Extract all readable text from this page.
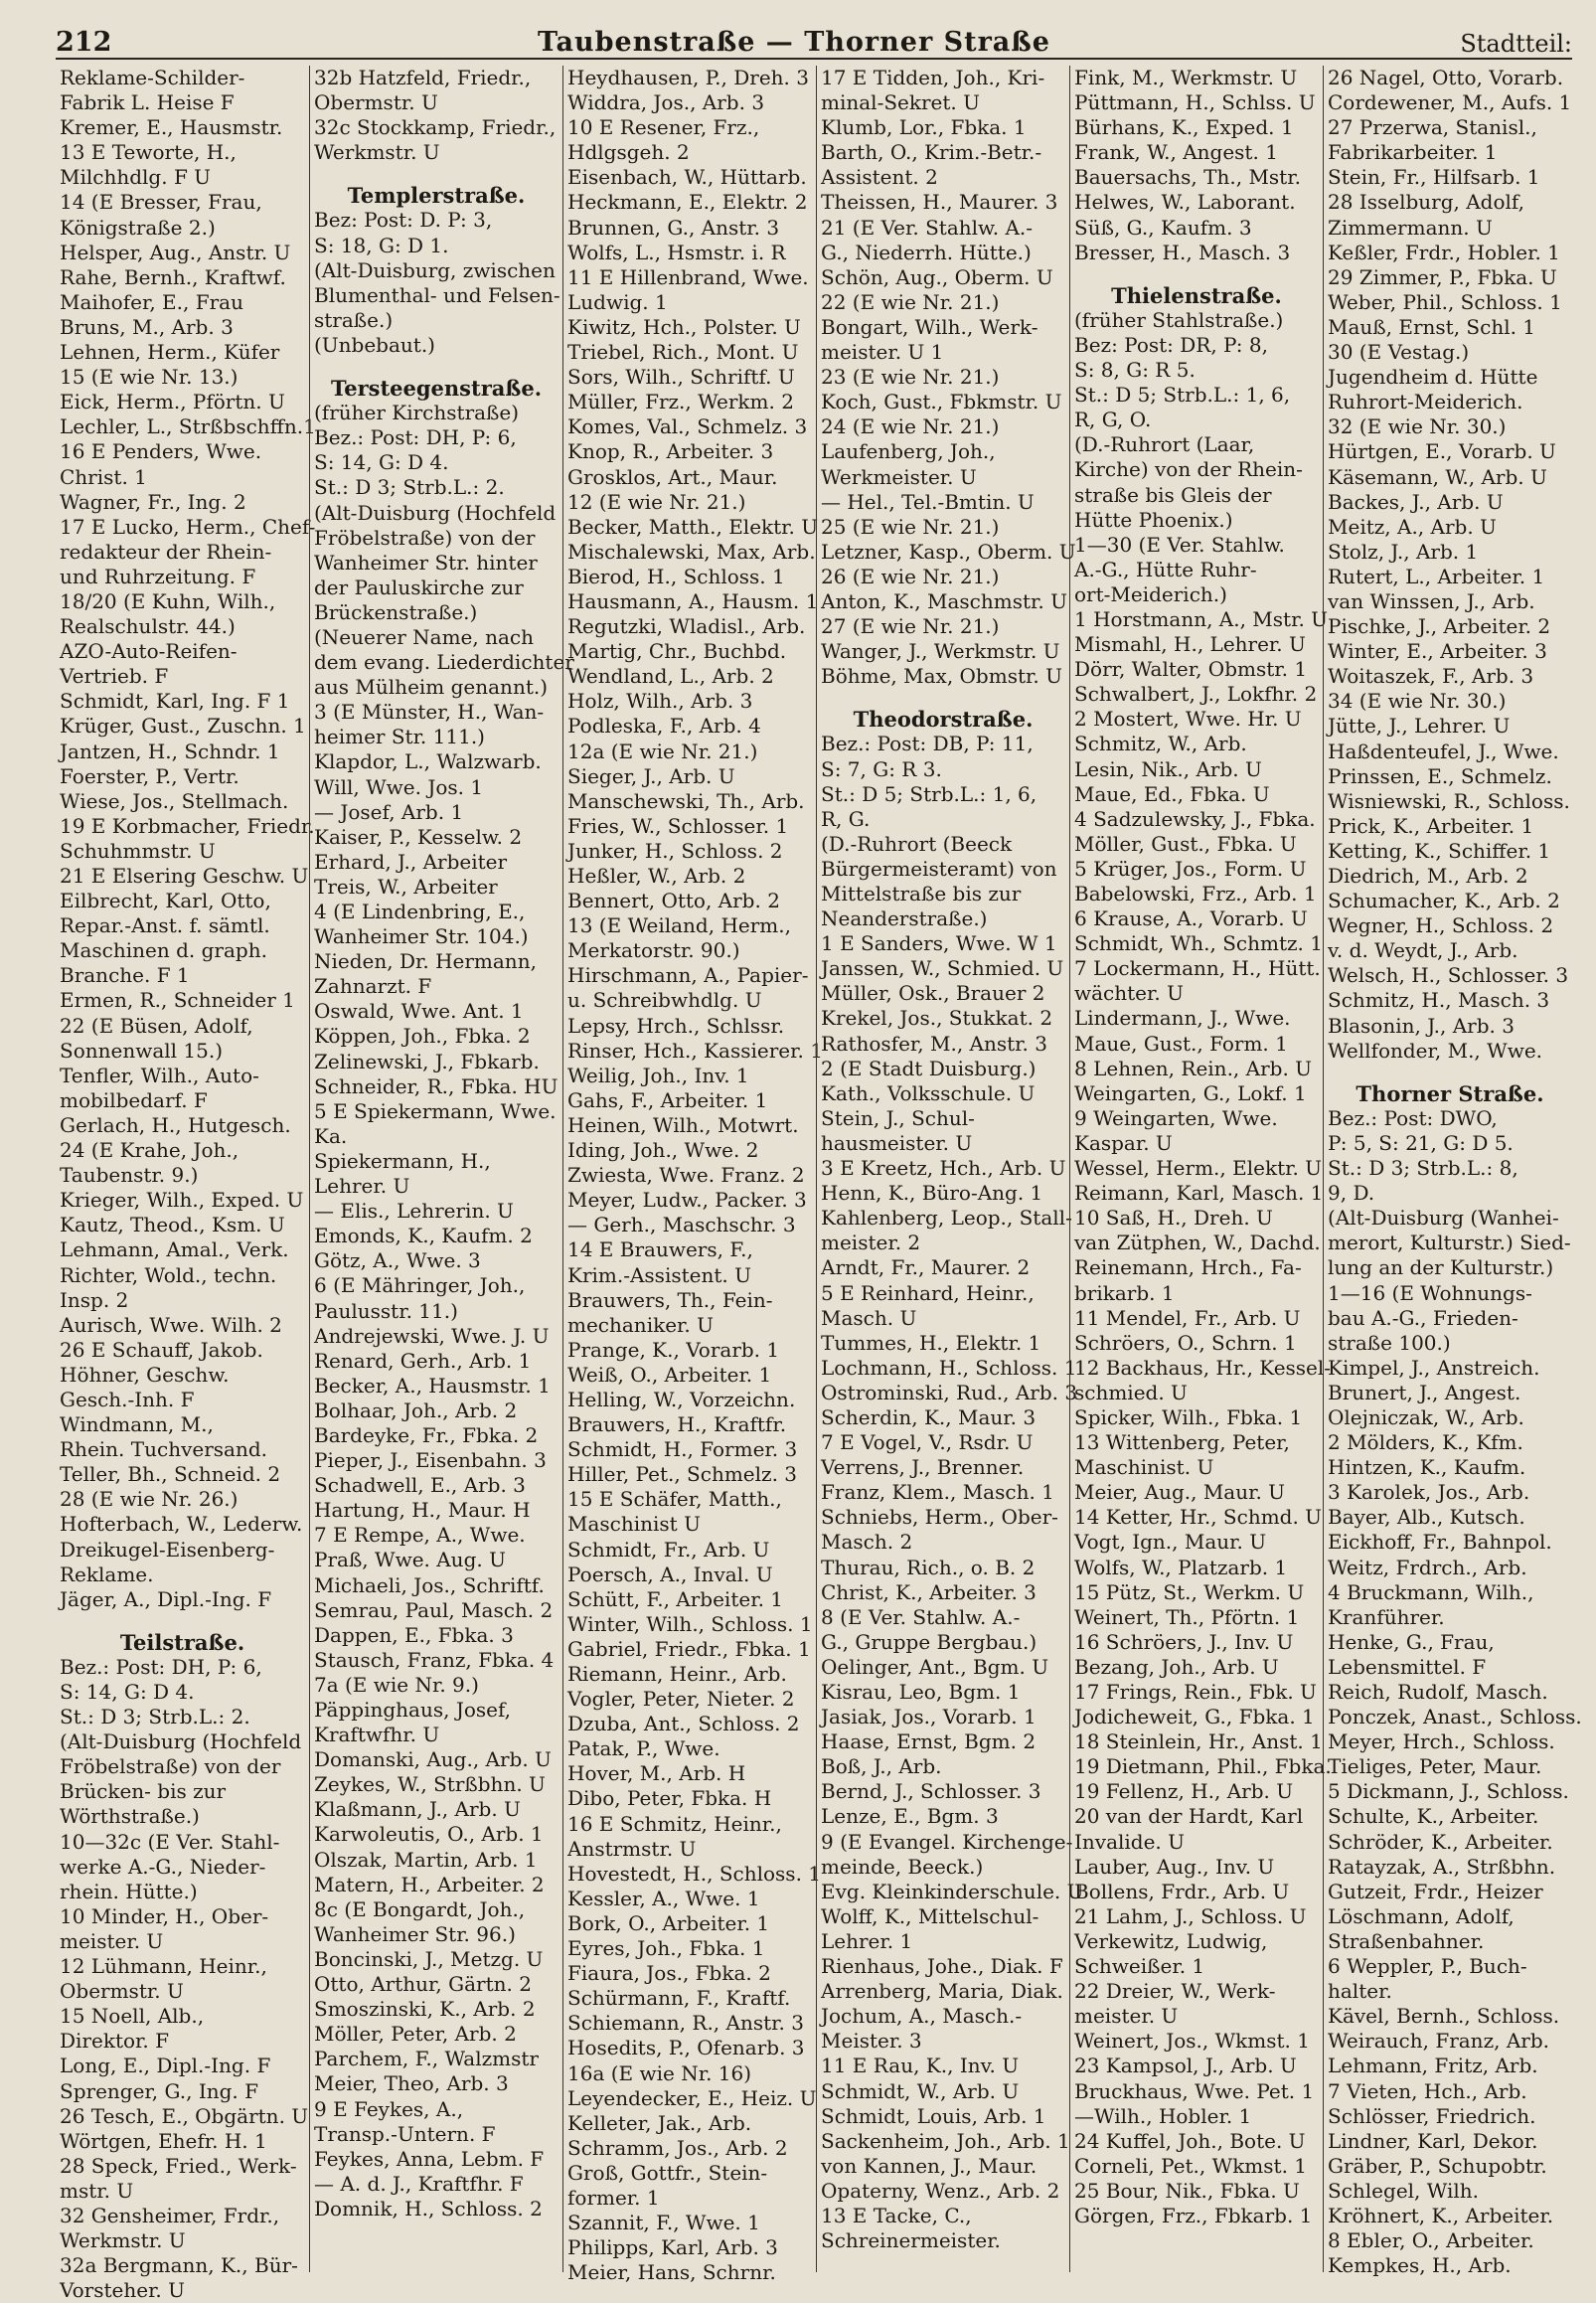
212	Taubenstraße — Thorner Straße	Stadtteil:
Reklame-Schilder-
Fabrik L. Heise F
Kremer, E., Hausmstr.
13 E Teworte, H.,
Milchhdlg. F U
14 (E Bresser, Frau,
Königstraße 2.)
Helsper, Aug., Anstr. U
Rahe, Bernh., Kraftwf.
Maihofer, E., Frau
Bruns, M., Arb. 3
Lehnen, Herm., Küfer
15 (E wie Nr. 13.)
Eick, Herm., Pförtn. U
Lechler, L., Strßbschffn.1
16 E Penders, Wwe.
Christ. 1
Wagner, Fr., Ing. 2
17 E Lucko, Herm., Chef-
redakteur der Rhein-
und Ruhrzeitung. F
18/20 (E Kuhn, Wilh.,
Realschulstr. 44.)
AZO-Auto-Reifen-
Vertrieb. F
Schmidt, Karl, Ing. F 1
Krüger, Gust., Zuschn. 1
Jantzen, H., Schndr. 1
Foerster, P., Vertr.
Wiese, Jos., Stellmach.
19 E Korbmacher, Friedr.
Schuhmmstr. U
21 E Elsering Geschw. U
Eilbrecht, Karl, Otto,
Repar.-Anst. f. sämtl.
Maschinen d. graph.
Branche. F 1
Ermen, R., Schneider 1
22 (E Büsen, Adolf,
Sonnenwall 15.)
Tenfler, Wilh., Auto-
mobilbedarf. F
Gerlach, H., Hutgesch.
24 (E Krahe, Joh.,
Taubenstr. 9.)
Krieger, Wilh., Exped. U
Kautz, Theod., Ksm. U
Lehmann, Amal., Verk.
Richter, Wold., techn.
Insp. 2
Aurisch, Wwe. Wilh. 2
26 E Schauff, Jakob.
Höhner, Geschw.
Gesch.-Inh. F
Windmann, M.,
Rhein. Tuchversand.
Teller, Bh., Schneid. 2
28 (E wie Nr. 26.)
Hofterbach, W., Lederw.
Dreikugel-Eisenberg-
Reklame.
Jäger, A., Dipl.-Ing. F
Teilstraße.
Bez.: Post: DH, P: 6,
S: 14, G: D 4.
St.: D 3; Strb.L.: 2.
(Alt-Duisburg (Hochfeld
Fröbelstraße) von der
Brücken- bis zur
Wörthstraße.)
10—32c (E Ver. Stahl-
werke A.-G., Nieder-
rhein. Hütte.)
10 Minder, H., Ober-
meister. U
12 Lühmann, Heinr.,
Obermstr. U
15 Noell, Alb.,
Direktor. F
Long, E., Dipl.-Ing. F
Sprenger, G., Ing. F
26 Tesch, E., Obgärtn. U
Wörtgen, Ehefr. H. 1
28 Speck, Fried., Werk-
mstr. U
32 Gensheimer, Frdr.,
Werkmstr. U
32a Bergmann, K., Bür-
Vorsteher. U
32b Hatzfeld, Friedr.,
Obermstr. U
32c Stockkamp, Friedr.,
Werkmstr. U
Templerstraße.
Bez: Post: D. P: 3,
S: 18, G: D 1.
(Alt-Duisburg, zwischen
Blumenthal- und Felsen-
straße.)
(Unbebaut.)
Tersteegenstraße.
(früher Kirchstraße)
Bez.: Post: DH, P: 6,
S: 14, G: D 4.
St.: D 3; Strb.L.: 2.
(Alt-Duisburg (Hochfeld
Fröbelstraße) von der
Wanheimer Str. hinter
der Pauluskirche zur
Brückenstraße.)
(Neuerer Name, nach
dem evang. Liederdichter
aus Mülheim genannt.)
3 (E Münster, H., Wan-
heimer Str. 111.)
Klapdor, L., Walzwarb.
Will, Wwe. Jos. 1
— Josef, Arb. 1
Kaiser, P., Kesselw. 2
Erhard, J., Arbeiter
Treis, W., Arbeiter
4 (E Lindenbring, E.,
Wanheimer Str. 104.)
Nieden, Dr. Hermann,
Zahnarzt. F
Oswald, Wwe. Ant. 1
Köppen, Joh., Fbka. 2
Zelinewski, J., Fbkarb.
Schneider, R., Fbka. HU
5 E Spiekermann, Wwe.
Ka.
Spiekermann, H.,
Lehrer. U
— Elis., Lehrerin. U
Emonds, K., Kaufm. 2
Götz, A., Wwe. 3
6 (E Mähringer, Joh.,
Paulusstr. 11.)
Andrejewski, Wwe. J. U
Renard, Gerh., Arb. 1
Becker, A., Hausmstr. 1
Bolhaar, Joh., Arb. 2
Bardeyke, Fr., Fbka. 2
Pieper, J., Eisenbahn. 3
Schadwell, E., Arb. 3
Hartung, H., Maur. H
7 E Rempe, A., Wwe.
Praß, Wwe. Aug. U
Michaeli, Jos., Schriftf.
Semrau, Paul, Masch. 2
Dappen, E., Fbka. 3
Stausch, Franz, Fbka. 4
7a (E wie Nr. 9.)
Päppinghaus, Josef,
Kraftwfhr. U
Domanski, Aug., Arb. U
Zeykes, W., Strßbhn. U
Klaßmann, J., Arb. U
Karwoleutis, O., Arb. 1
Olszak, Martin, Arb. 1
Matern, H., Arbeiter. 2
8c (E Bongardt, Joh.,
Wanheimer Str. 96.)
Boncinski, J., Metzg. U
Otto, Arthur, Gärtn. 2
Smoszinski, K., Arb. 2
Möller, Peter, Arb. 2
Parchem, F., Walzmstr
Meier, Theo, Arb. 3
9 E Feykes, A.,
Transp.-Untern. F
Feykes, Anna, Lebm. F
— A. d. J., Kraftfhr. F
Domnik, H., Schloss. 2
Heydhausen, P., Dreh. 3
Widdra, Jos., Arb. 3
10 E Resener, Frz.,
Hdlgsgeh. 2
Eisenbach, W., Hüttarb.
Heckmann, E., Elektr. 2
Brunnen, G., Anstr. 3
Wolfs, L., Hsmstr. i. R
11 E Hillenbrand, Wwe.
Ludwig. 1
Kiwitz, Hch., Polster. U
Triebel, Rich., Mont. U
Sors, Wilh., Schriftf. U
Müller, Frz., Werkm. 2
Komes, Val., Schmelz. 3
Knop, R., Arbeiter. 3
Grosklos, Art., Maur.
12 (E wie Nr. 21.)
Becker, Matth., Elektr. U
Mischalewski, Max, Arb.
Bierod, H., Schloss. 1
Hausmann, A., Hausm. 1
Regutzki, Wladisl., Arb.
Martig, Chr., Buchbd.
Wendland, L., Arb. 2
Holz, Wilh., Arb. 3
Podleska, F., Arb. 4
12a (E wie Nr. 21.)
Sieger, J., Arb. U
Manschewski, Th., Arb.
Fries, W., Schlosser. 1
Junker, H., Schloss. 2
Heßler, W., Arb. 2
Bennert, Otto, Arb. 2
13 (E Weiland, Herm.,
Merkatorstr. 90.)
Hirschmann, A., Papier-
u. Schreibwhdlg. U
Lepsy, Hrch., Schlssr.
Rinser, Hch., Kassierer. 1
Weilig, Joh., Inv. 1
Gahs, F., Arbeiter. 1
Heinen, Wilh., Motwrt.
Iding, Joh., Wwe. 2
Zwiesta, Wwe. Franz. 2
Meyer, Ludw., Packer. 3
— Gerh., Maschschr. 3
14 E Brauwers, F.,
Krim.-Assistent. U
Brauwers, Th., Fein-
mechaniker. U
Prange, K., Vorarb. 1
Weiß, O., Arbeiter. 1
Helling, W., Vorzeichn.
Brauwers, H., Kraftfr.
Schmidt, H., Former. 3
Hiller, Pet., Schmelz. 3
15 E Schäfer, Matth.,
Maschinist U
Schmidt, Fr., Arb. U
Poersch, A., Inval. U
Schütt, F., Arbeiter. 1
Winter, Wilh., Schloss. 1
Gabriel, Friedr., Fbka. 1
Riemann, Heinr., Arb.
Vogler, Peter, Nieter. 2
Dzuba, Ant., Schloss. 2
Patak, P., Wwe.
Hover, M., Arb. H
Dibo, Peter, Fbka. H
16 E Schmitz, Heinr.,
Anstrmstr. U
Hovestedt, H., Schloss. 1
Kessler, A., Wwe. 1
Bork, O., Arbeiter. 1
Eyres, Joh., Fbka. 1
Fiaura, Jos., Fbka. 2
Schürmann, F., Kraftf.
Schiemann, R., Anstr. 3
Hosedits, P., Ofenarb. 3
16a (E wie Nr. 16)
Leyendecker, E., Heiz. U
Kelleter, Jak., Arb.
Schramm, Jos., Arb. 2
Groß, Gottfr., Stein-
former. 1
Szannit, F., Wwe. 1
Philipps, Karl, Arb. 3
Meier, Hans, Schrnr.
17 E Tidden, Joh., Kri-
minal-Sekret. U
Klumb, Lor., Fbka. 1
Barth, O., Krim.-Betr.-
Assistent. 2
Theissen, H., Maurer. 3
21 (E Ver. Stahlw. A.-
G., Niederrh. Hütte.)
Schön, Aug., Oberm. U
22 (E wie Nr. 21.)
Bongart, Wilh., Werk-
meister. U 1
23 (E wie Nr. 21.)
Koch, Gust., Fbkmstr. U
24 (E wie Nr. 21.)
Laufenberg, Joh.,
Werkmeister. U
— Hel., Tel.-Bmtin. U
25 (E wie Nr. 21.)
Letzner, Kasp., Oberm. U
26 (E wie Nr. 21.)
Anton, K., Maschmstr. U
27 (E wie Nr. 21.)
Wanger, J., Werkmstr. U
Böhme, Max, Obmstr. U
Theodorstraße.
Bez.: Post: DB, P: 11,
S: 7, G: R 3.
St.: D 5; Strb.L.: 1, 6,
R, G.
(D.-Ruhrort (Beeck
Bürgermeisteramt) von
Mittelstraße bis zur
Neanderstraße.)
1 E Sanders, Wwe. W 1
Janssen, W., Schmied. U
Müller, Osk., Brauer 2
Krekel, Jos., Stukkat. 2
Rathosfer, M., Anstr. 3
2 (E Stadt Duisburg.)
Kath., Volksschule. U
Stein, J., Schul-
hausmeister. U
3 E Kreetz, Hch., Arb. U
Henn, K., Büro-Ang. 1
Kahlenberg, Leop., Stall-
meister. 2
Arndt, Fr., Maurer. 2
5 E Reinhard, Heinr.,
Masch. U
Tummes, H., Elektr. 1
Lochmann, H., Schloss. 1
Ostrominski, Rud., Arb. 3
Scherdin, K., Maur. 3
7 E Vogel, V., Rsdr. U
Verrens, J., Brenner.
Franz, Klem., Masch. 1
Schniebs, Herm., Ober-
Masch. 2
Thurau, Rich., o. B. 2
Christ, K., Arbeiter. 3
8 (E Ver. Stahlw. A.-
G., Gruppe Bergbau.)
Oelinger, Ant., Bgm. U
Kisrau, Leo, Bgm. 1
Jasiak, Jos., Vorarb. 1
Haase, Ernst, Bgm. 2
Boß, J., Arb.
Bernd, J., Schlosser. 3
Lenze, E., Bgm. 3
9 (E Evangel. Kirchenge-
meinde, Beeck.)
Evg. Kleinkinderschule. U
Wolff, K., Mittelschul-
Lehrer. 1
Rienhaus, Johe., Diak. F
Arrenberg, Maria, Diak.
Jochum, A., Masch.-
Meister. 3
11 E Rau, K., Inv. U
Schmidt, W., Arb. U
Schmidt, Louis, Arb. 1
Sackenheim, Joh., Arb. 1
von Kannen, J., Maur.
Opaterny, Wenz., Arb. 2
13 E Tacke, C.,
Schreinermeister.
Fink, M., Werkmstr. U
Püttmann, H., Schlss. U
Bürhans, K., Exped. 1
Frank, W., Angest. 1
Bauersachs, Th., Mstr.
Helwes, W., Laborant.
Süß, G., Kaufm. 3
Bresser, H., Masch. 3
Thielenstraße.
(früher Stahlstraße.)
Bez: Post: DR, P: 8,
S: 8, G: R 5.
St.: D 5; Strb.L.: 1, 6,
R, G, O.
(D.-Ruhrort (Laar,
Kirche) von der Rhein-
straße bis Gleis der
Hütte Phoenix.)
1—30 (E Ver. Stahlw.
A.-G., Hütte Ruhr-
ort-Meiderich.)
1 Horstmann, A., Mstr. U
Mismahl, H., Lehrer. U
Dörr, Walter, Obmstr. 1
Schwalbert, J., Lokfhr. 2
2 Mostert, Wwe. Hr. U
Schmitz, W., Arb.
Lesin, Nik., Arb. U
Maue, Ed., Fbka. U
4 Sadzulewsky, J., Fbka.
Möller, Gust., Fbka. U
5 Krüger, Jos., Form. U
Babelowski, Frz., Arb. 1
6 Krause, A., Vorarb. U
Schmidt, Wh., Schmtz. 1
7 Lockermann, H., Hütt.
wächter. U
Lindermann, J., Wwe.
Maue, Gust., Form. 1
8 Lehnen, Rein., Arb. U
Weingarten, G., Lokf. 1
9 Weingarten, Wwe.
Kaspar. U
Wessel, Herm., Elektr. U
Reimann, Karl, Masch. 1
10 Saß, H., Dreh. U
van Zütphen, W., Dachd.
Reinemann, Hrch., Fa-
brikarb. 1
11 Mendel, Fr., Arb. U
Schröers, O., Schrn. 1
12 Backhaus, Hr., Kessel-
schmied. U
Spicker, Wilh., Fbka. 1
13 Wittenberg, Peter,
Maschinist. U
Meier, Aug., Maur. U
14 Ketter, Hr., Schmd. U
Vogt, Ign., Maur. U
Wolfs, W., Platzarb. 1
15 Pütz, St., Werkm. U
Weinert, Th., Pförtn. 1
16 Schröers, J., Inv. U
Bezang, Joh., Arb. U
17 Frings, Rein., Fbk. U
Jodicheweit, G., Fbka. 1
18 Steinlein, Hr., Anst. 1
19 Dietmann, Phil., Fbka.
19 Fellenz, H., Arb. U
20 van der Hardt, Karl
Invalide. U
Lauber, Aug., Inv. U
Bollens, Frdr., Arb. U
21 Lahm, J., Schloss. U
Verkewitz, Ludwig,
Schweißer. 1
22 Dreier, W., Werk-
meister. U
Weinert, Jos., Wkmst. 1
23 Kampsol, J., Arb. U
Bruckhaus, Wwe. Pet. 1
—Wilh., Hobler. 1
24 Kuffel, Joh., Bote. U
Corneli, Pet., Wkmst. 1
25 Bour, Nik., Fbka. U
Görgen, Frz., Fbkarb. 1
26 Nagel, Otto, Vorarb.
Cordewener, M., Aufs. 1
27 Przerwa, Stanisl.,
Fabrikarbeiter. 1
Stein, Fr., Hilfsarb. 1
28 Isselburg, Adolf,
Zimmermann. U
Keßler, Frdr., Hobler. 1
29 Zimmer, P., Fbka. U
Weber, Phil., Schloss. 1
Mauß, Ernst, Schl. 1
30 (E Vestag.)
Jugendheim d. Hütte
Ruhrort-Meiderich.
32 (E wie Nr. 30.)
Hürtgen, E., Vorarb. U
Käsemann, W., Arb. U
Backes, J., Arb. U
Meitz, A., Arb. U
Stolz, J., Arb. 1
Rutert, L., Arbeiter. 1
van Winssen, J., Arb.
Pischke, J., Arbeiter. 2
Winter, E., Arbeiter. 3
Woitaszek, F., Arb. 3
34 (E wie Nr. 30.)
Jütte, J., Lehrer. U
Haßdenteufel, J., Wwe.
Prinssen, E., Schmelz.
Wisniewski, R., Schloss.
Prick, K., Arbeiter. 1
Ketting, K., Schiffer. 1
Diedrich, M., Arb. 2
Schumacher, K., Arb. 2
Wegner, H., Schloss. 2
v. d. Weydt, J., Arb.
Welsch, H., Schlosser. 3
Schmitz, H., Masch. 3
Blasonin, J., Arb. 3
Wellfonder, M., Wwe.
Thorner Straße.
Bez.: Post: DWO,
P: 5, S: 21, G: D 5.
St.: D 3; Strb.L.: 8,
9, D.
(Alt-Duisburg (Wanhei-
merort, Kulturstr.) Sied-
lung an der Kulturstr.)
1—16 (E Wohnungs-
bau A.-G., Frieden-
straße 100.)
Kimpel, J., Anstreich.
Brunert, J., Angest.
Olejniczak, W., Arb.
2 Mölders, K., Kfm.
Hintzen, K., Kaufm.
3 Karolek, Jos., Arb.
Bayer, Alb., Kutsch.
Eickhoff, Fr., Bahnpol.
Weitz, Frdrch., Arb.
4 Bruckmann, Wilh.,
Kranführer.
Henke, G., Frau,
Lebensmittel. F
Reich, Rudolf, Masch.
Ponczek, Anast., Schloss.
Meyer, Hrch., Schloss.
Tieliges, Peter, Maur.
5 Dickmann, J., Schloss.
Schulte, K., Arbeiter.
Schröder, K., Arbeiter.
Ratayzak, A., Strßbhn.
Gutzeit, Frdr., Heizer
Löschmann, Adolf,
Straßenbahner.
6 Weppler, P., Buch-
halter.
Kävel, Bernh., Schloss.
Weirauch, Franz, Arb.
Lehmann, Fritz, Arb.
7 Vieten, Hch., Arb.
Schlösser, Friedrich.
Lindner, Karl, Dekor.
Gräber, P., Schupobtr.
Schlegel, Wilh.
Kröhnert, K., Arbeiter.
8 Ebler, O., Arbeiter.
Kempkes, H., Arb.
